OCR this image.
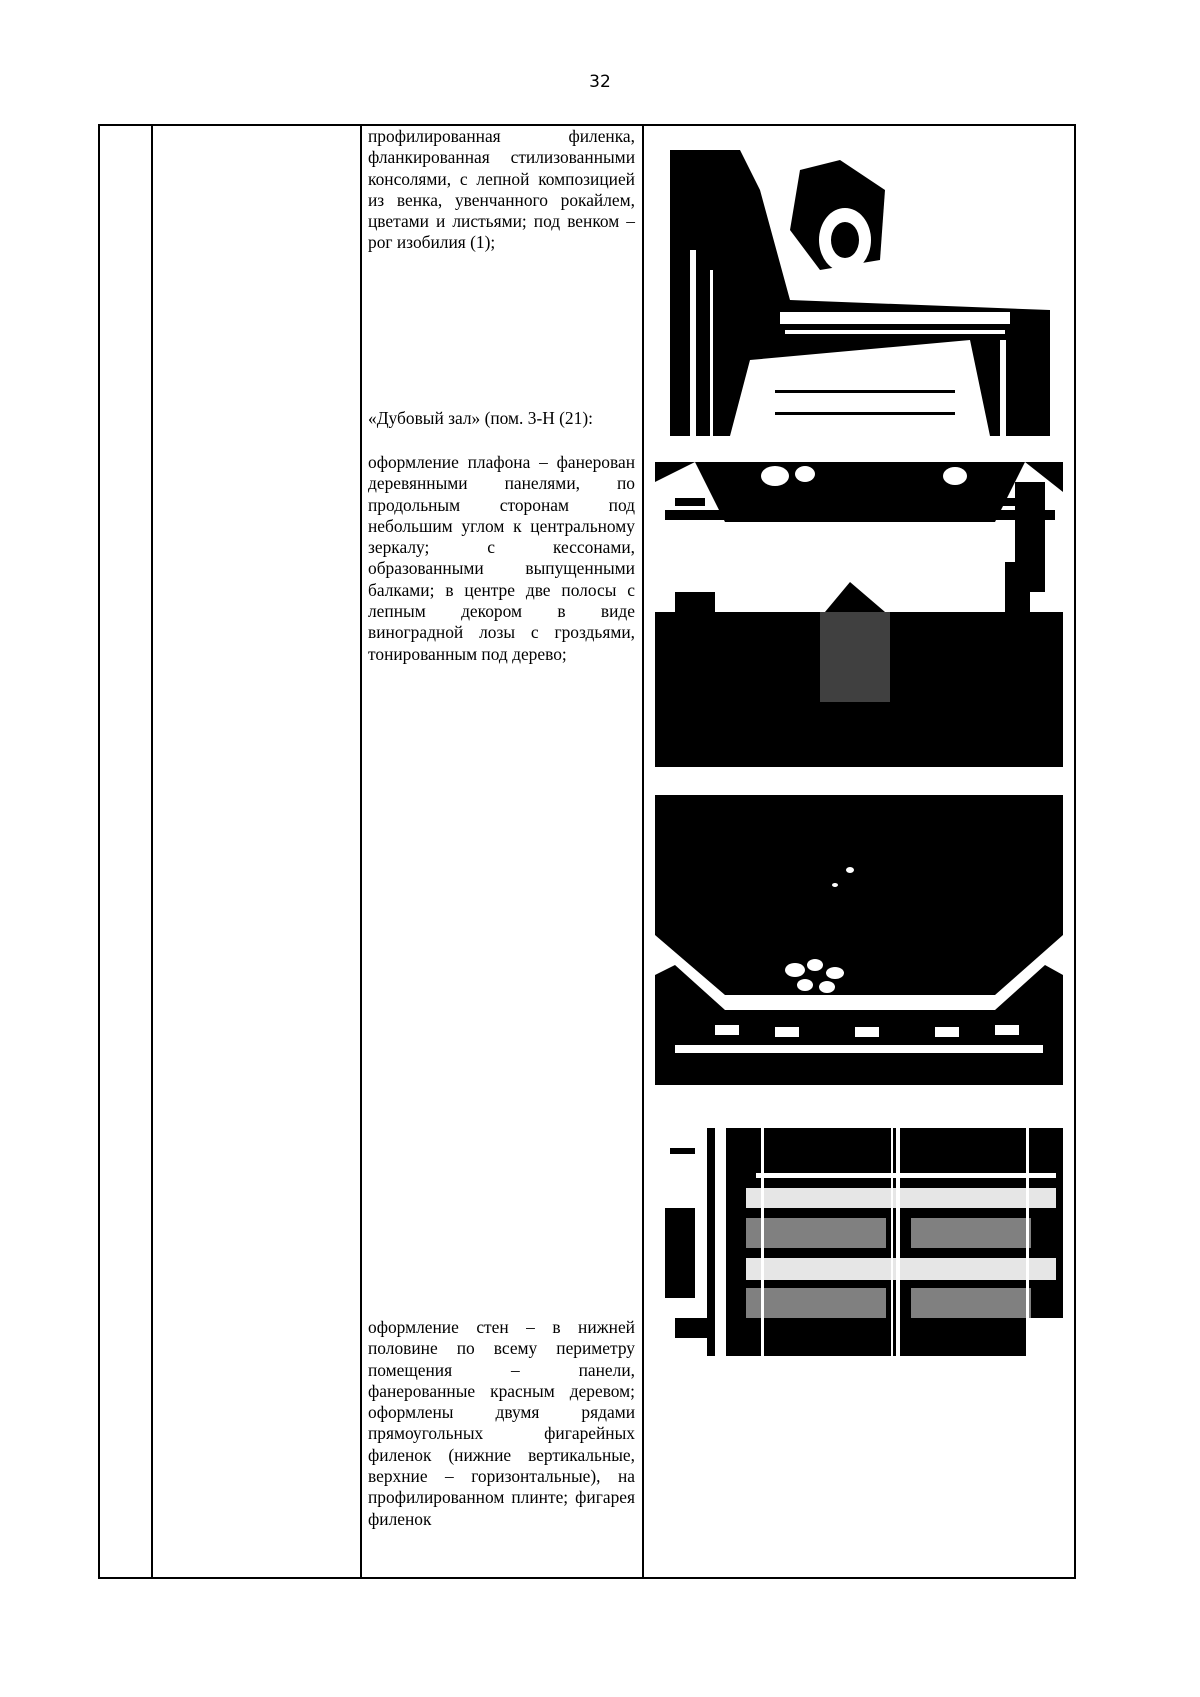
32

профилированная филенка, фланкированная стилизованными консолями, с лепной композицией из венка, увенчанного рокайлем, цветами и листьями; под венком – рог изобилия (1);

«Дубовый зал» (пом. 3-Н (21):

оформление плафона – фанерован деревянными панелями, по продольным сторонам под небольшим углом к центральному зеркалу; с кессонами, образованными выпущенными балками; в центре две полосы с лепным декором в виде виноградной лозы с гроздьями, тонированным под дерево;

оформление стен – в нижней половине по всему периметру помещения – панели, фанерованные красным деревом; оформлены двумя рядами прямоугольных фигарейных филенок (нижние вертикальные, верхние – горизонтальные), на профилированном плинте; фигарея филенок
